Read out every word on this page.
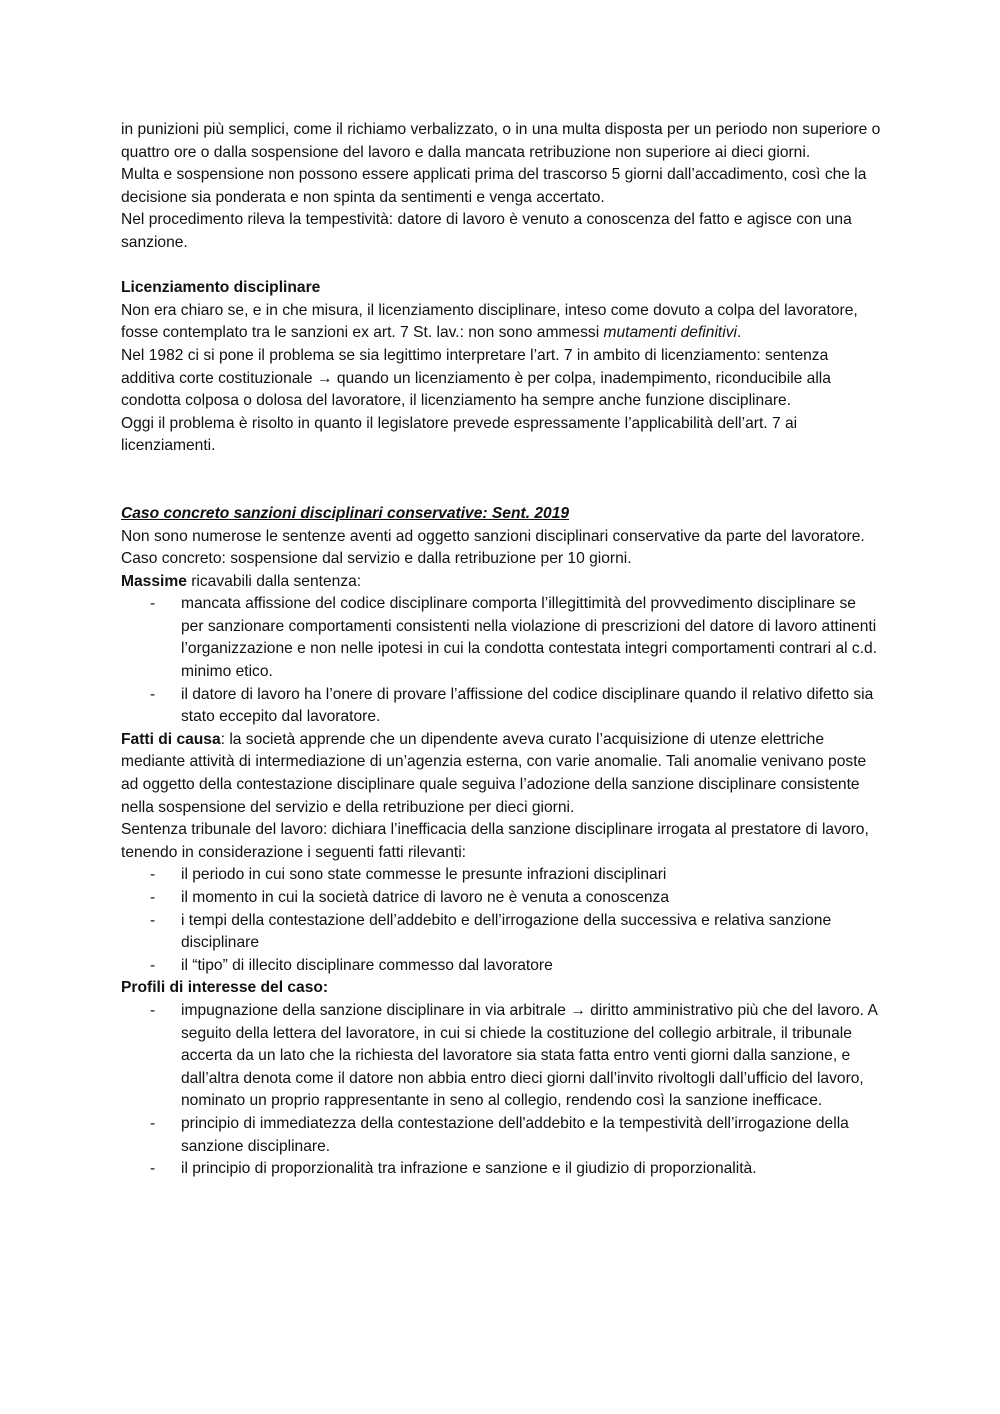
in punizioni più semplici, come il richiamo verbalizzato, o in una multa disposta per un periodo non superiore o quattro ore o dalla sospensione del lavoro e dalla mancata retribuzione non superiore ai dieci giorni.

Multa e sospensione non possono essere applicati prima del trascorso 5 giorni dall’accadimento, così che la decisione sia ponderata e non spinta da sentimenti e venga accertato.

Nel procedimento rileva la tempestività: datore di lavoro è venuto a conoscenza del fatto e agisce con una sanzione.

Licenziamento disciplinare

Non era chiaro se, e in che misura, il licenziamento disciplinare, inteso come dovuto a colpa del lavoratore, fosse contemplato tra le sanzioni ex art. 7 St. lav.: non sono ammessi mutamenti definitivi.

Nel 1982 ci si pone il problema se sia legittimo interpretare l’art. 7 in ambito di licenziamento: sentenza additiva corte costituzionale → quando un licenziamento è per colpa, inadempimento, riconducibile alla condotta colposa o dolosa del lavoratore, il licenziamento ha sempre anche funzione disciplinare.

Oggi il problema è risolto in quanto il legislatore prevede espressamente l’applicabilità dell’art. 7 ai licenziamenti.

Caso concreto sanzioni disciplinari conservative: Sent. 2019

Non sono numerose le sentenze aventi ad oggetto sanzioni disciplinari conservative da parte del lavoratore.

Caso concreto: sospensione dal servizio e dalla retribuzione per 10 giorni.

Massime ricavabili dalla sentenza:

- mancata affissione del codice disciplinare comporta l’illegittimità del provvedimento disciplinare se per sanzionare comportamenti consistenti nella violazione di prescrizioni del datore di lavoro attinenti l’organizzazione e non nelle ipotesi in cui la condotta contestata integri comportamenti contrari al c.d. minimo etico.
- il datore di lavoro ha l’onere di provare l’affissione del codice disciplinare quando il relativo difetto sia stato eccepito dal lavoratore.

Fatti di causa: la società apprende che un dipendente aveva curato l’acquisizione di utenze elettriche mediante attività di intermediazione di un’agenzia esterna, con varie anomalie. Tali anomalie venivano poste ad oggetto della contestazione disciplinare quale seguiva l’adozione della sanzione disciplinare consistente nella sospensione del servizio e della retribuzione per dieci giorni.

Sentenza tribunale del lavoro: dichiara l’inefficacia della sanzione disciplinare irrogata al prestatore di lavoro, tenendo in considerazione i seguenti fatti rilevanti:

- il periodo in cui sono state commesse le presunte infrazioni disciplinari
- il momento in cui la società datrice di lavoro ne è venuta a conoscenza
- i tempi della contestazione dell’addebito e dell’irrogazione della successiva e relativa sanzione disciplinare
- il “tipo” di illecito disciplinare commesso dal lavoratore

Profili di interesse del caso:

- impugnazione della sanzione disciplinare in via arbitrale → diritto amministrativo più che del lavoro. A seguito della lettera del lavoratore, in cui si chiede la costituzione del collegio arbitrale, il tribunale accerta da un lato che la richiesta del lavoratore sia stata fatta entro venti giorni dalla sanzione, e dall’altra denota come il datore non abbia entro dieci giorni dall’invito rivoltogli dall’ufficio del lavoro, nominato un proprio rappresentante in seno al collegio, rendendo così la sanzione inefficace.
- principio di immediatezza della contestazione dell'addebito e la tempestività dell’irrogazione della sanzione disciplinare.
- il principio di proporzionalità tra infrazione e sanzione e il giudizio di proporzionalità.
